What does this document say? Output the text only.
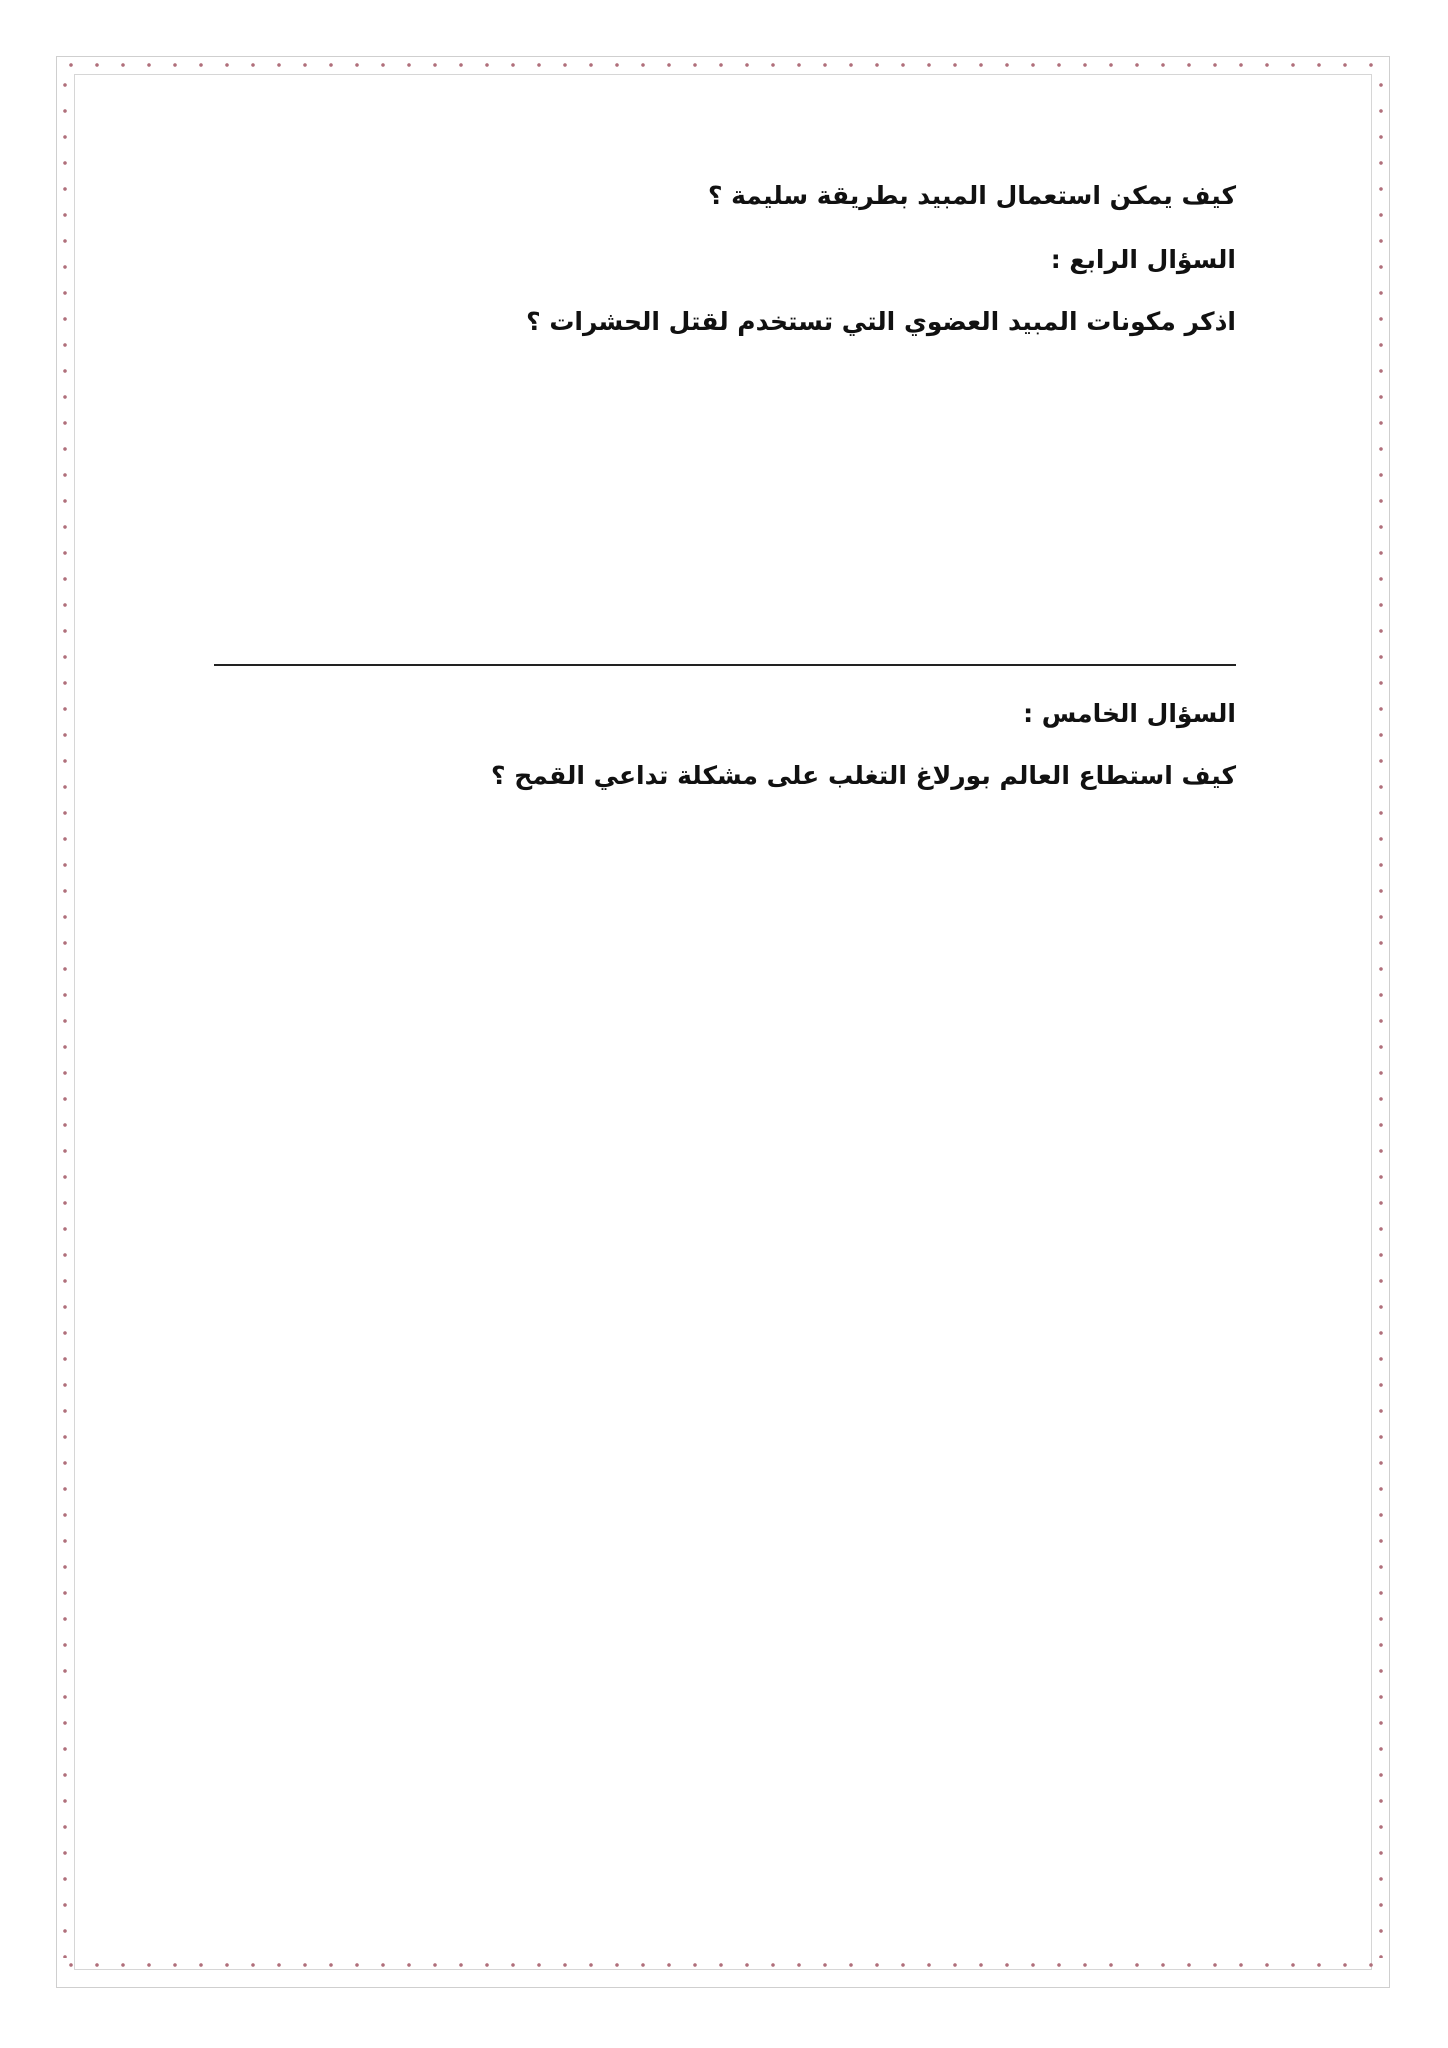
كيف يمكن استعمال المبيد بطريقة سليمة ؟
السؤال الرابع :
اذكر مكونات المبيد العضوي التي تستخدم لقتل الحشرات ؟
السؤال الخامس :
كيف استطاع العالم بورلاغ التغلب على مشكلة تداعي القمح ؟
